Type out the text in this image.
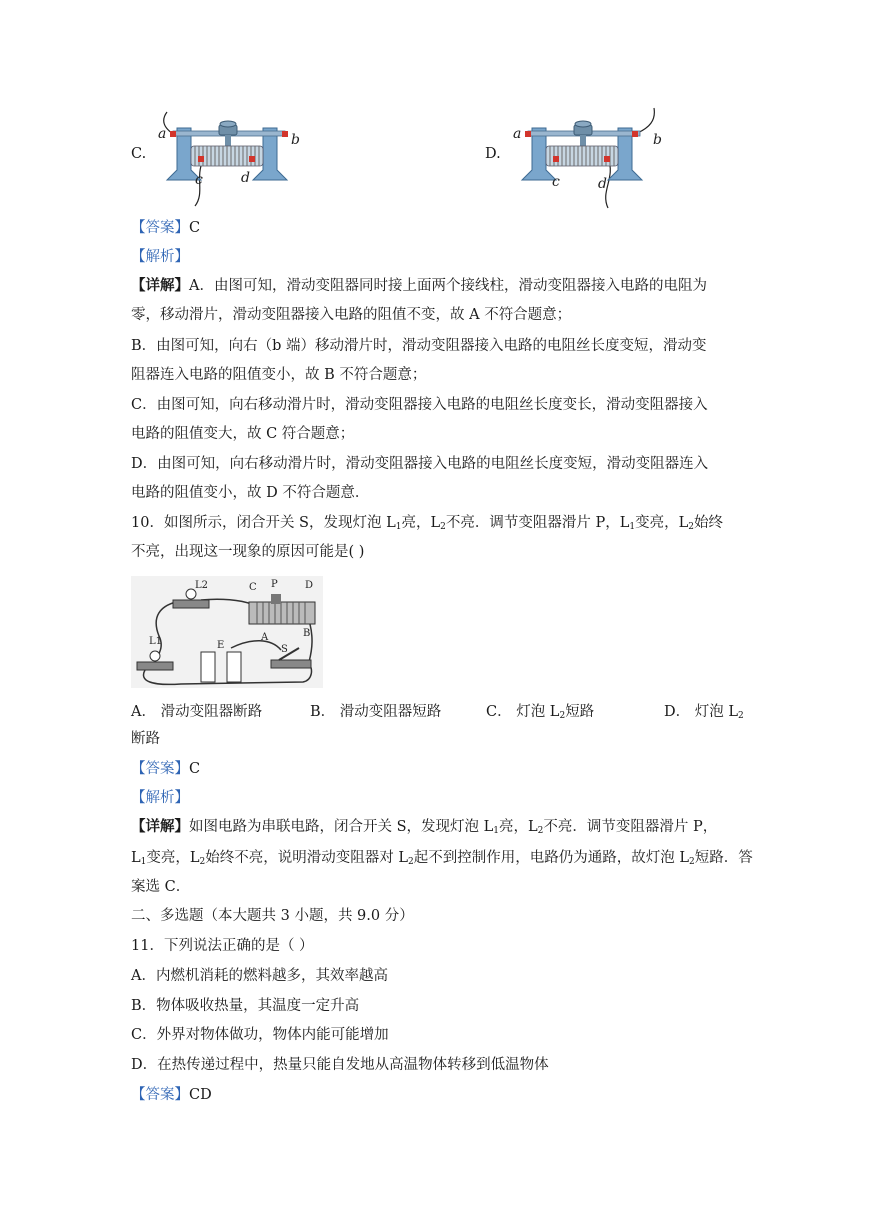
C.
a	b
c	d
D.
a	b
c	d
【答案】C
【解析】
【详解】A．由图可知，滑动变阻器同时接上面两个接线柱，滑动变阻器接入电路的电阻为
零，移动滑片，滑动变阻器接入电路的阻值不变，故 A 不符合题意；
B．由图可知，向右（b 端）移动滑片时，滑动变阻器接入电路的电阻丝长度变短，滑动变
阻器连入电路的阻值变小，故 B 不符合题意；
C．由图可知，向右移动滑片时，滑动变阻器接入电路的电阻丝长度变长，滑动变阻器接入
电路的阻值变大，故 C 符合题意；
D．由图可知，向右移动滑片时，滑动变阻器接入电路的电阻丝长度变短，滑动变阻器连入
电路的阻值变小，故 D 不符合题意．
10．如图所示，闭合开关 S，发现灯泡 $L_1$亮，$L_2$不亮．调节变阻器滑片 P，$L_1$变亮，$L_2$始终
不亮，出现这一现象的原因可能是( )
L2	C P	D
A	B
L1	E	S
A． 滑动变阻器断路	B． 滑动变阻器短路	C． 灯泡 $L_2$短路	D． 灯泡 $L_2$
断路
【答案】C
【解析】
【详解】如图电路为串联电路，闭合开关 S，发现灯泡 $L_1$亮，$L_2$不亮．调节变阻器滑片 P，
$L_1$变亮，$L_2$始终不亮，说明滑动变阻器对 $L_2$起不到控制作用，电路仍为通路，故灯泡 $L_2$短路．答
案选 C．
二、多选题（本大题共 3 小题，共 9.0 分）
11．下列说法正确的是（ ）
A．内燃机消耗的燃料越多，其效率越高
B．物体吸收热量，其温度一定升高
C．外界对物体做功，物体内能可能增加
D．在热传递过程中，热量只能自发地从高温物体转移到低温物体
【答案】CD
